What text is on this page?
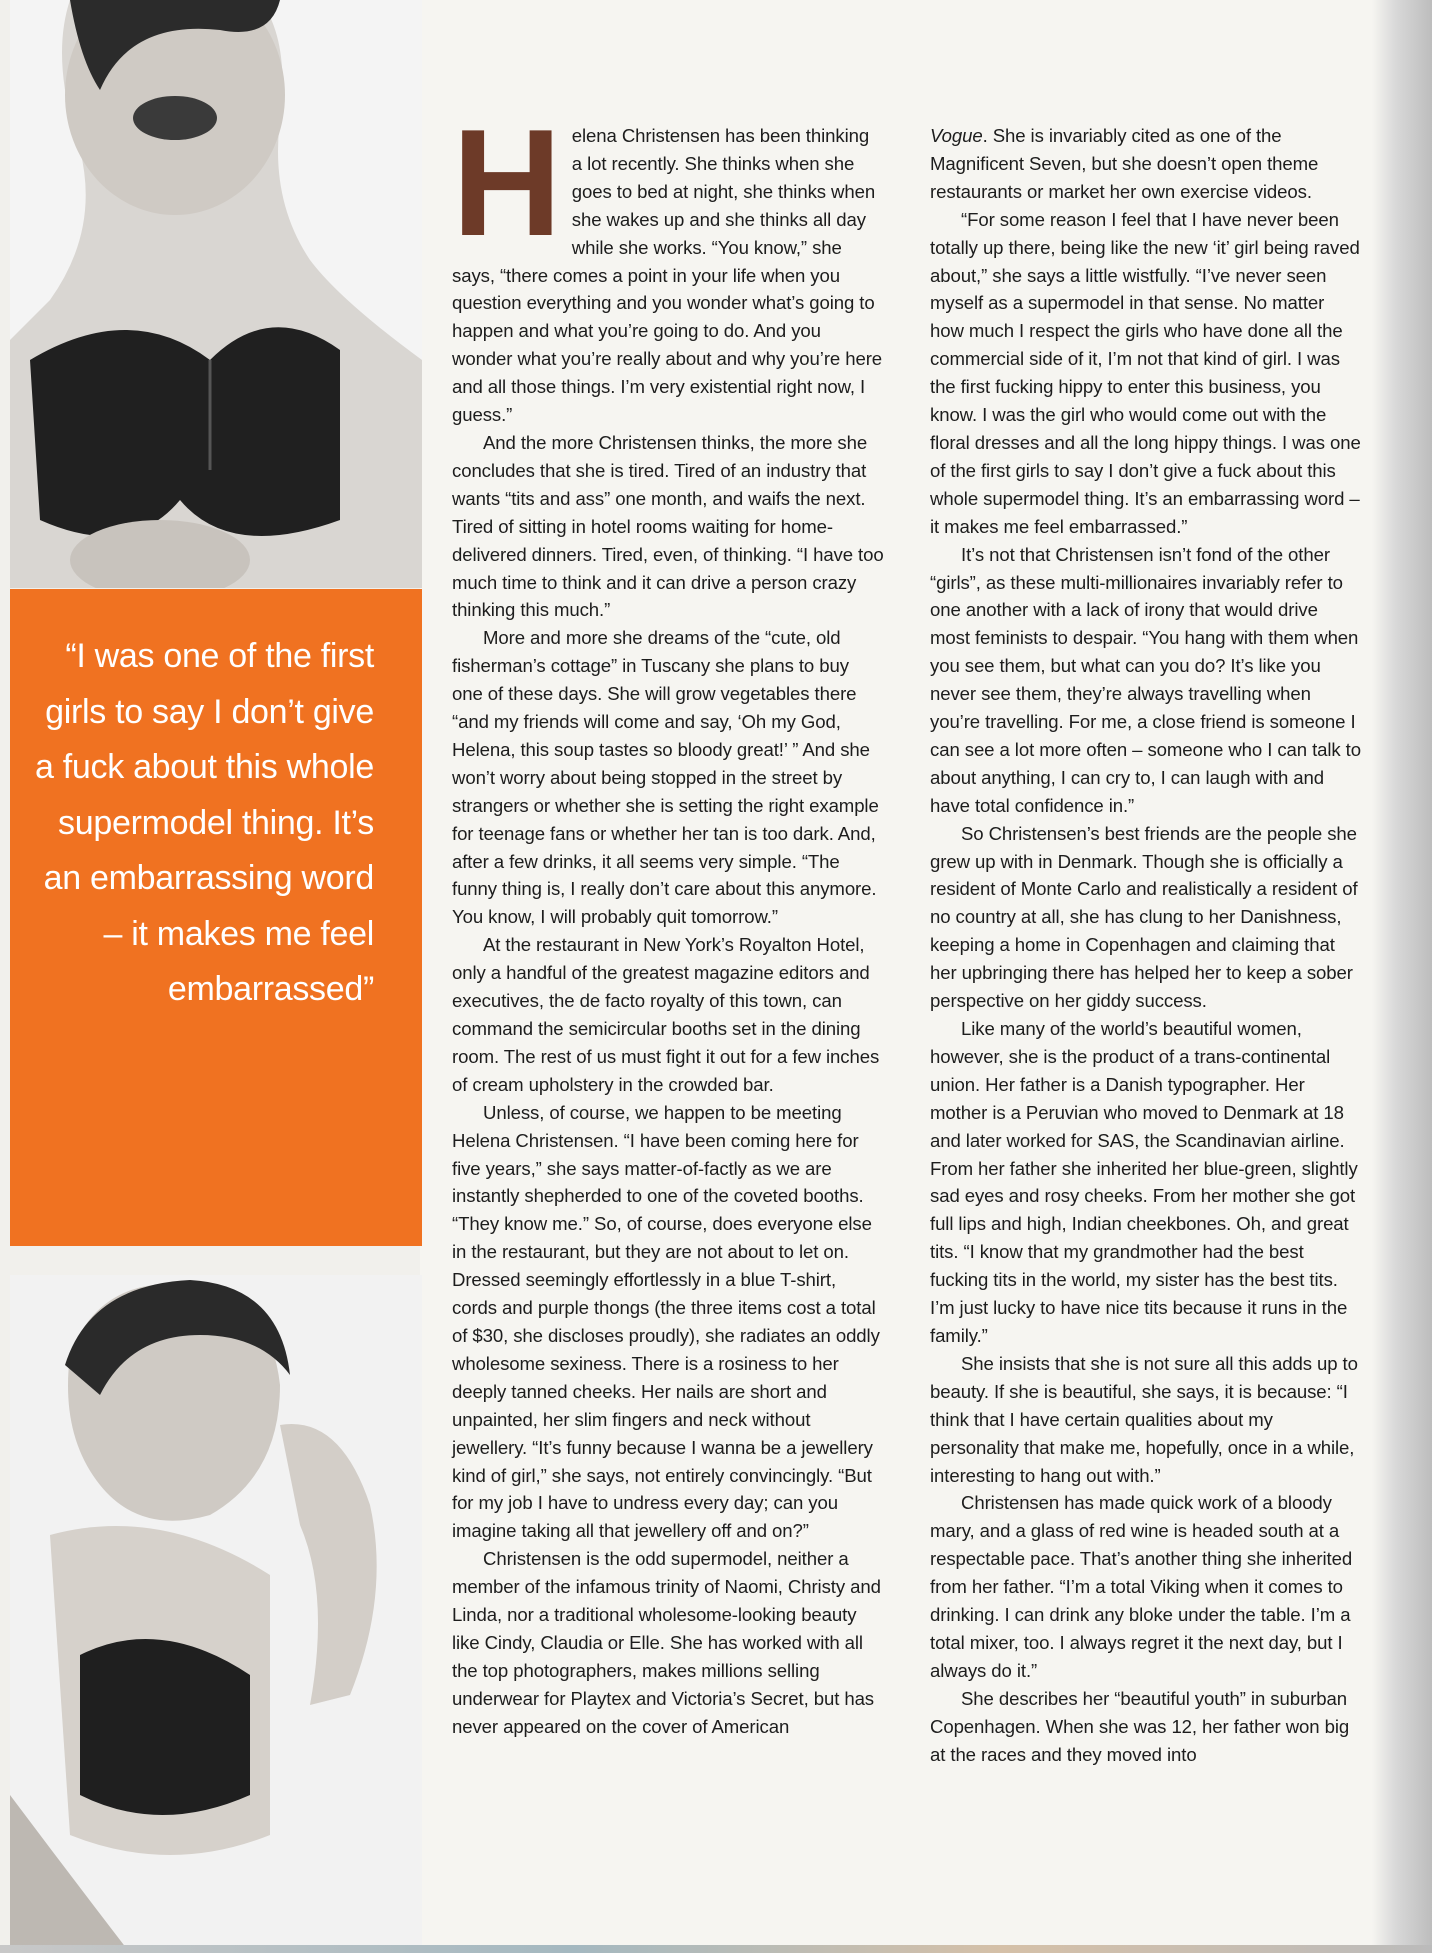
“I was one of the first girls to say I don’t give a fuck about this whole supermodel thing. It’s an embarrassing word – it makes me feel embarrassed”

Helena Christensen has been thinking a lot recently. She thinks when she goes to bed at night, she thinks when she wakes up and she thinks all day while she works. “You know,” she says, “there comes a point in your life when you question everything and you wonder what’s going to happen and what you’re going to do. And you wonder what you’re really about and why you’re here and all those things. I’m very existential right now, I guess.”

And the more Christensen thinks, the more she concludes that she is tired. Tired of an industry that wants “tits and ass” one month, and waifs the next. Tired of sitting in hotel rooms waiting for home-delivered dinners. Tired, even, of thinking. “I have too much time to think and it can drive a person crazy thinking this much.”

More and more she dreams of the “cute, old fisherman’s cottage” in Tuscany she plans to buy one of these days. She will grow vegetables there “and my friends will come and say, ‘Oh my God, Helena, this soup tastes so bloody great!’ ” And she won’t worry about being stopped in the street by strangers or whether she is setting the right example for teenage fans or whether her tan is too dark. And, after a few drinks, it all seems very simple. “The funny thing is, I really don’t care about this anymore. You know, I will probably quit tomorrow.”

At the restaurant in New York’s Royalton Hotel, only a handful of the greatest magazine editors and executives, the de facto royalty of this town, can command the semicircular booths set in the dining room. The rest of us must fight it out for a few inches of cream upholstery in the crowded bar.

Unless, of course, we happen to be meeting Helena Christensen. “I have been coming here for five years,” she says matter-of-factly as we are instantly shepherded to one of the coveted booths. “They know me.” So, of course, does everyone else in the restaurant, but they are not about to let on. Dressed seemingly effortlessly in a blue T-shirt, cords and purple thongs (the three items cost a total of $30, she discloses proudly), she radiates an oddly wholesome sexiness. There is a rosiness to her deeply tanned cheeks. Her nails are short and unpainted, her slim fingers and neck without jewellery. “It’s funny because I wanna be a jewellery kind of girl,” she says, not entirely convincingly. “But for my job I have to undress every day; can you imagine taking all that jewellery off and on?”

Christensen is the odd supermodel, neither a member of the infamous trinity of Naomi, Christy and Linda, nor a traditional wholesome-looking beauty like Cindy, Claudia or Elle. She has worked with all the top photographers, makes millions selling underwear for Playtex and Victoria’s Secret, but has never appeared on the cover of American

Vogue. She is invariably cited as one of the Magnificent Seven, but she doesn’t open theme restaurants or market her own exercise videos.

“For some reason I feel that I have never been totally up there, being like the new ‘it’ girl being raved about,” she says a little wistfully. “I’ve never seen myself as a supermodel in that sense. No matter how much I respect the girls who have done all the commercial side of it, I’m not that kind of girl. I was the first fucking hippy to enter this business, you know. I was the girl who would come out with the floral dresses and all the long hippy things. I was one of the first girls to say I don’t give a fuck about this whole supermodel thing. It’s an embarrassing word – it makes me feel embarrassed.”

It’s not that Christensen isn’t fond of the other “girls”, as these multi-millionaires invariably refer to one another with a lack of irony that would drive most feminists to despair. “You hang with them when you see them, but what can you do? It’s like you never see them, they’re always travelling when you’re travelling. For me, a close friend is someone I can see a lot more often – someone who I can talk to about anything, I can cry to, I can laugh with and have total confidence in.”

So Christensen’s best friends are the people she grew up with in Denmark. Though she is officially a resident of Monte Carlo and realistically a resident of no country at all, she has clung to her Danishness, keeping a home in Copenhagen and claiming that her upbringing there has helped her to keep a sober perspective on her giddy success.

Like many of the world’s beautiful women, however, she is the product of a trans-continental union. Her father is a Danish typographer. Her mother is a Peruvian who moved to Denmark at 18 and later worked for SAS, the Scandinavian airline. From her father she inherited her blue-green, slightly sad eyes and rosy cheeks. From her mother she got full lips and high, Indian cheekbones. Oh, and great tits. “I know that my grandmother had the best fucking tits in the world, my sister has the best tits. I’m just lucky to have nice tits because it runs in the family.”

She insists that she is not sure all this adds up to beauty. If she is beautiful, she says, it is because: “I think that I have certain qualities about my personality that make me, hopefully, once in a while, interesting to hang out with.”

Christensen has made quick work of a bloody mary, and a glass of red wine is headed south at a respectable pace. That’s another thing she inherited from her father. “I’m a total Viking when it comes to drinking. I can drink any bloke under the table. I’m a total mixer, too. I always regret it the next day, but I always do it.”

She describes her “beautiful youth” in suburban Copenhagen. When she was 12, her father won big at the races and they moved into
